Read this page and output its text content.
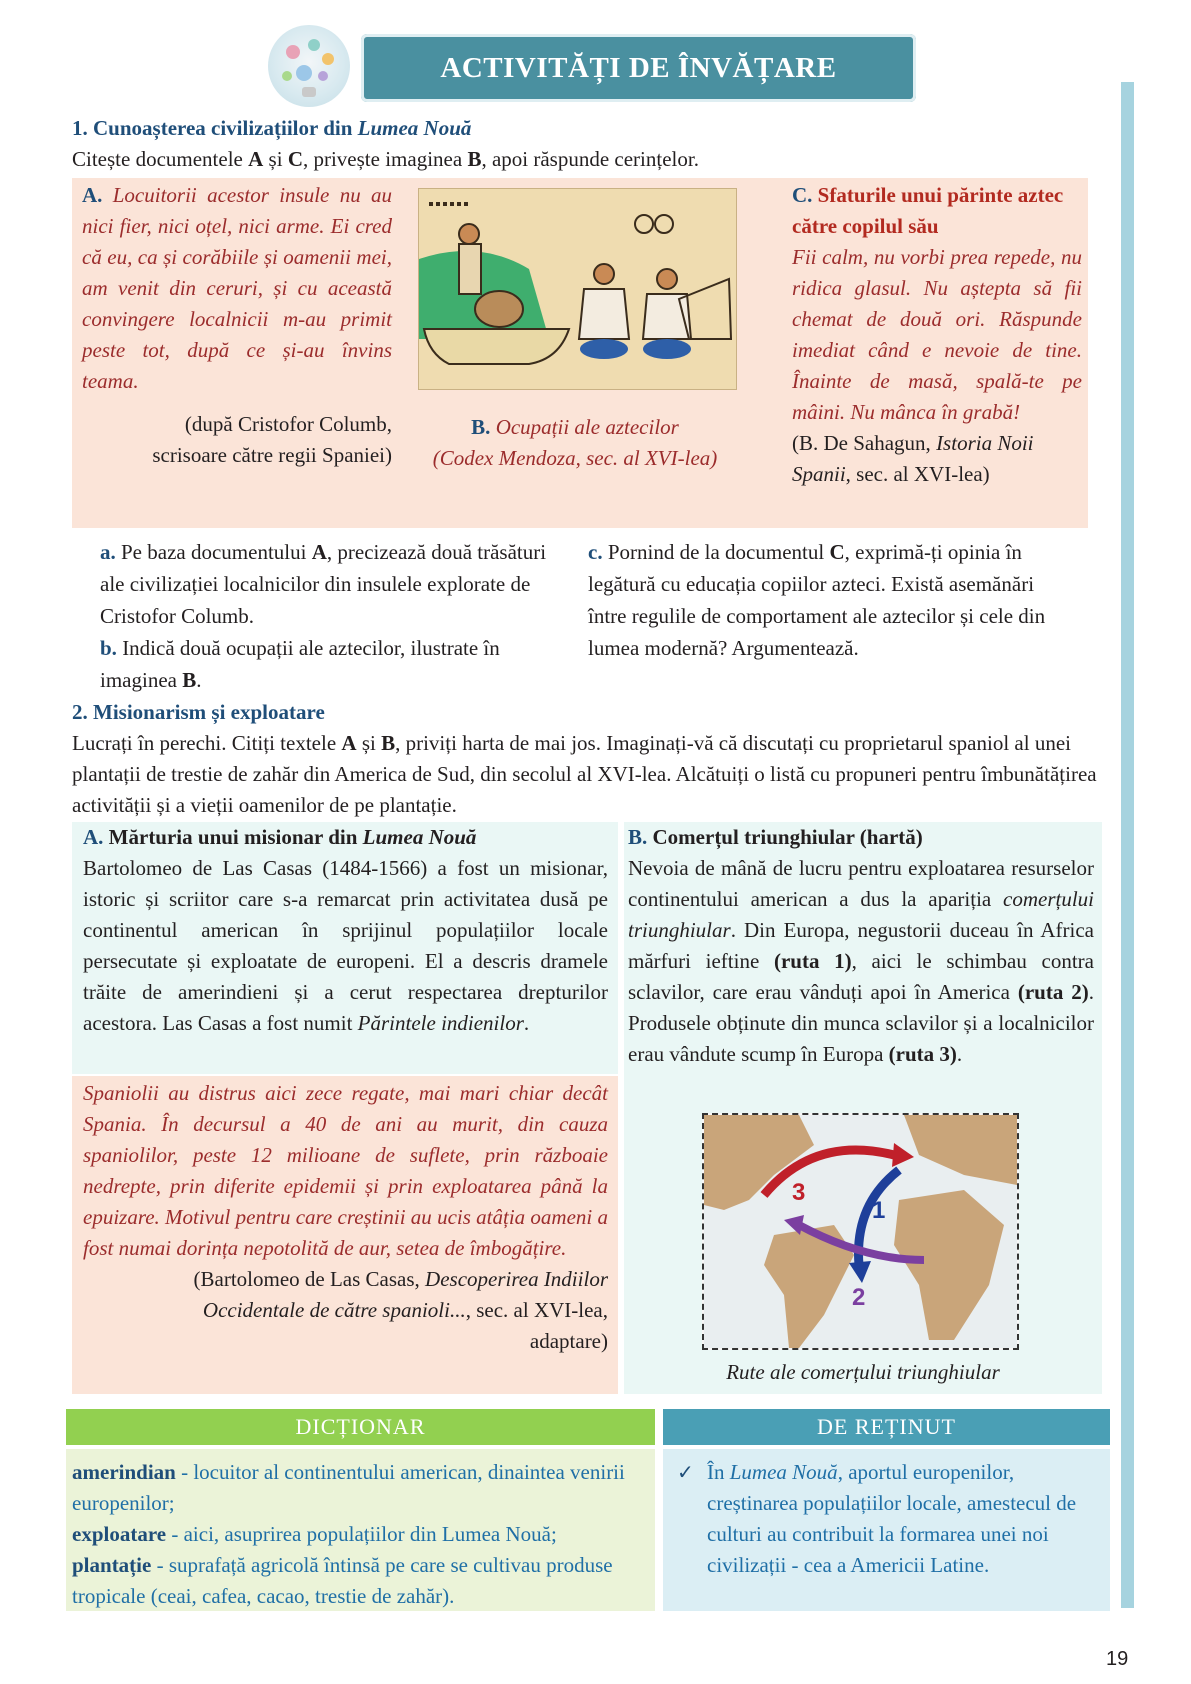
ACTIVITĂȚI DE ÎNVĂȚARE
1. Cunoașterea civilizațiilor din Lumea Nouă
Citește documentele A și C, privește imaginea B, apoi răspunde cerințelor.
A. Locuitorii acestor insule nu au nici fier, nici oțel, nici arme. Ei cred că eu, ca și corăbiile și oamenii mei, am venit din ceruri, și cu această convingere localnicii m-au primit peste tot, după ce și-au învins teama.
(după Cristofor Columb,
scrisoare către regii Spaniei)
B. Ocupații ale aztecilor
(Codex Mendoza, sec. al XVI-lea)
C. Sfaturile unui părinte aztec către copilul său
Fii calm, nu vorbi prea repede, nu ridica glasul. Nu aștepta să fii chemat de două ori. Răspunde imediat când e nevoie de tine. Înainte de masă, spală-te pe mâini. Nu mânca în grabă!
(B. De Sahagun, Istoria Noii Spanii, sec. al XVI-lea)
a. Pe baza documentului A, precizează două trăsături ale civilizației localnicilor din insulele explorate de Cristofor Columb.
b. Indică două ocupații ale aztecilor, ilustrate în imaginea B.
c. Pornind de la documentul C, exprimă-ți opinia în legătură cu educația copiilor azteci. Există asemănări între regulile de comportament ale aztecilor și cele din lumea modernă? Argumentează.
2. Misionarism și exploatare
Lucrați în perechi. Citiți textele A și B, priviți harta de mai jos. Imaginați-vă că discutați cu proprietarul spaniol al unei plantații de trestie de zahăr din America de Sud, din secolul al XVI-lea. Alcătuiți o listă cu propuneri pentru îmbunătățirea activității și a vieții oamenilor de pe plantație.
A. Mărturia unui misionar din Lumea Nouă
Bartolomeo de Las Casas (1484-1566) a fost un misionar, istoric și scriitor care s-a remarcat prin activitatea dusă pe continentul american în sprijinul populațiilor locale persecutate și exploatate de europeni. El a descris dramele trăite de amerindieni și a cerut respectarea drepturilor acestora. Las Casas a fost numit Părintele indienilor.
Spaniolii au distrus aici zece regate, mai mari chiar decât Spania. În decursul a 40 de ani au murit, din cauza spaniolilor, peste 12 milioane de suflete, prin războaie nedrepte, prin diferite epidemii și prin exploatarea până la epuizare. Motivul pentru care creștinii au ucis atâția oameni a fost numai dorința nepotolită de aur, setea de îmbogățire.
(Bartolomeo de Las Casas, Descoperirea Indiilor Occidentale de către spanioli..., sec. al XVI-lea, adaptare)
B. Comerțul triunghiular (hartă)
Nevoia de mână de lucru pentru exploatarea resurselor continentului american a dus la apariția comerțului triunghiular. Din Europa, negustorii duceau în Africa mărfuri ieftine (ruta 1), aici le schimbau contra sclavilor, care erau vânduți apoi în America (ruta 2). Produsele obținute din munca sclavilor și a localnicilor erau vândute scump în Europa (ruta 3).
3
1
2
Rute ale comerțului triunghiular
DICȚIONAR
amerindian - locuitor al continentului american, dinaintea venirii europenilor;
exploatare - aici, asuprirea populațiilor din Lumea Nouă;
plantație - suprafață agricolă întinsă pe care se cultivau produse tropicale (ceai, cafea, cacao, trestie de zahăr).
DE REȚINUT
✓ În Lumea Nouă, aportul europenilor, creștinarea populațiilor locale, amestecul de culturi au contribuit la formarea unei noi civilizații - cea a Americii Latine.
19
